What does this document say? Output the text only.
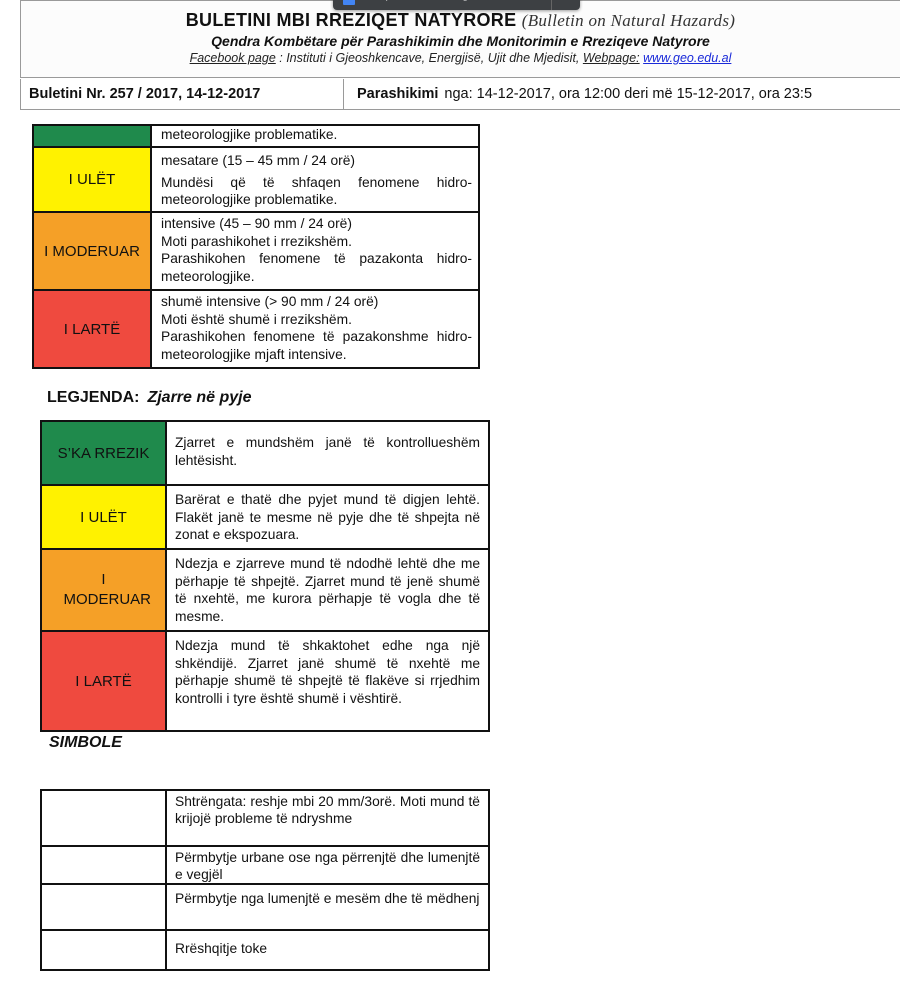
BULETINI MBI RREZIQET NATYRORE (Bulletin on Natural Hazards)
Qendra Kombëtare për Parashikimin dhe Monitorimin e Rreziqeve Natyrore
Facebook page : Instituti i Gjeoshkencave, Energjisë, Ujit dhe Mjedisit, Webpage: www.geo.edu.al
Buletini Nr. 257 / 2017, 14-12-2017	Parashikimi nga: 14-12-2017, ora 12:00 deri më 15-12-2017, ora 23:5

	meteorologjike problematike.

I ULËT	mesatare (15 – 45 mm / 24 orë)
Mundësi që të shfaqen fenomene hidro-meteorologjike problematike.

I MODERUAR	intensive (45 – 90 mm / 24 orë)
Moti parashikohet i rrezikshëm.
Parashikohen fenomene të pazakonta hidro-meteorologjike.

I LARTË	shumë intensive (> 90 mm / 24 orë)
Moti është shumë i rrezikshëm.
Parashikohen fenomene të pazakonshme hidro-meteorologjike mjaft intensive.
LEGJENDA: Zjarre në pyje
S’KA RREZIK	Zjarret e mundshëm janë të kontrollueshëm lehtësisht.
I ULËT	Barërat e thatë dhe pyjet mund të digjen lehtë. Flakët janë te mesme në pyje dhe të shpejta në zonat e ekspozuara.
I MODERUAR	Ndezja e zjarreve mund të ndodhë lehtë dhe me përhapje të shpejtë. Zjarret mund të jenë shumë të nxehtë, me kurora përhapje të vogla dhe të mesme.
I LARTË	Ndezja mund të shkaktohet edhe nga një shkëndijë. Zjarret janë shumë të nxehtë me përhapje shumë të shpejtë të flakëve si rrjedhim kontrolli i tyre është shumë i vështirë.
SIMBOLE
	Shtrëngata: reshje mbi 20 mm/3orë. Moti mund të krijojë probleme të ndryshme
	Përmbytje urbane ose nga përrenjtë dhe lumenjtë e vegjël
	Përmbytje nga lumenjtë e mesëm dhe të mëdhenj
	Rrëshqitje toke
